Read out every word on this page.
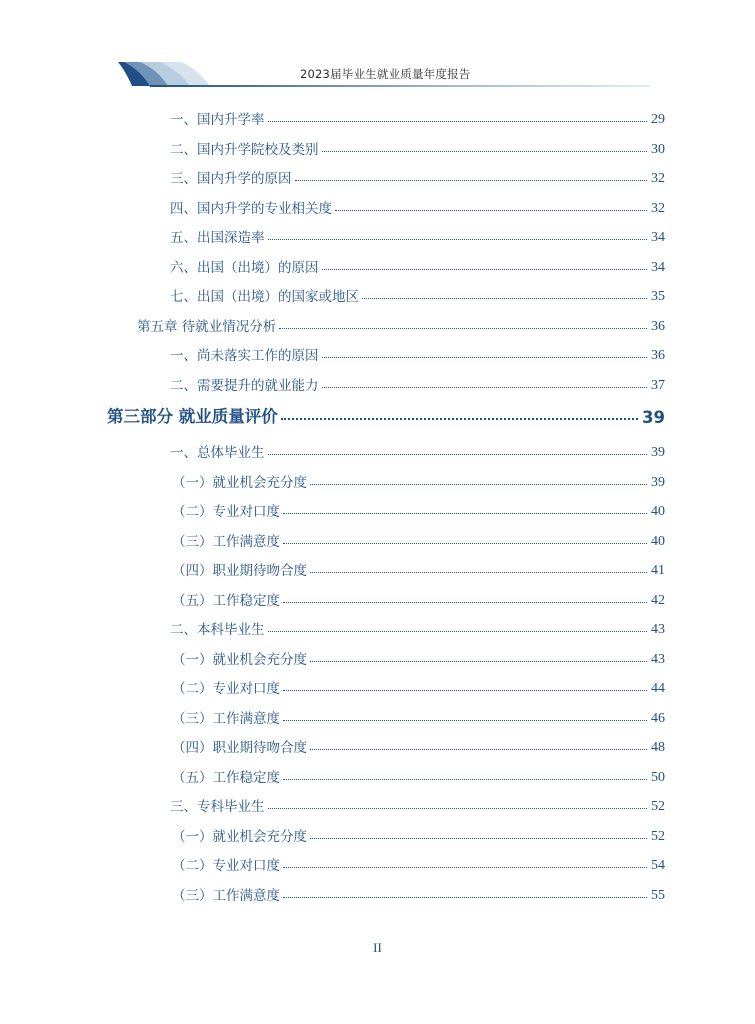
2023届毕业生就业质量年度报告
一、国内升学率	29
二、国内升学院校及类别	30
三、国内升学的原因	32
四、国内升学的专业相关度	32
五、出国深造率	34
六、出国（出境）的原因	34
七、出国（出境）的国家或地区	35
第五章 待就业情况分析	36
一、尚未落实工作的原因	36
二、需要提升的就业能力	37
第三部分 就业质量评价	39
一、总体毕业生	39
（一）就业机会充分度	39
（二）专业对口度	40
（三）工作满意度	40
（四）职业期待吻合度	41
（五）工作稳定度	42
二、本科毕业生	43
（一）就业机会充分度	43
（二）专业对口度	44
（三）工作满意度	46
（四）职业期待吻合度	48
（五）工作稳定度	50
三、专科毕业生	52
（一）就业机会充分度	52
（二）专业对口度	54
（三）工作满意度	55
II
